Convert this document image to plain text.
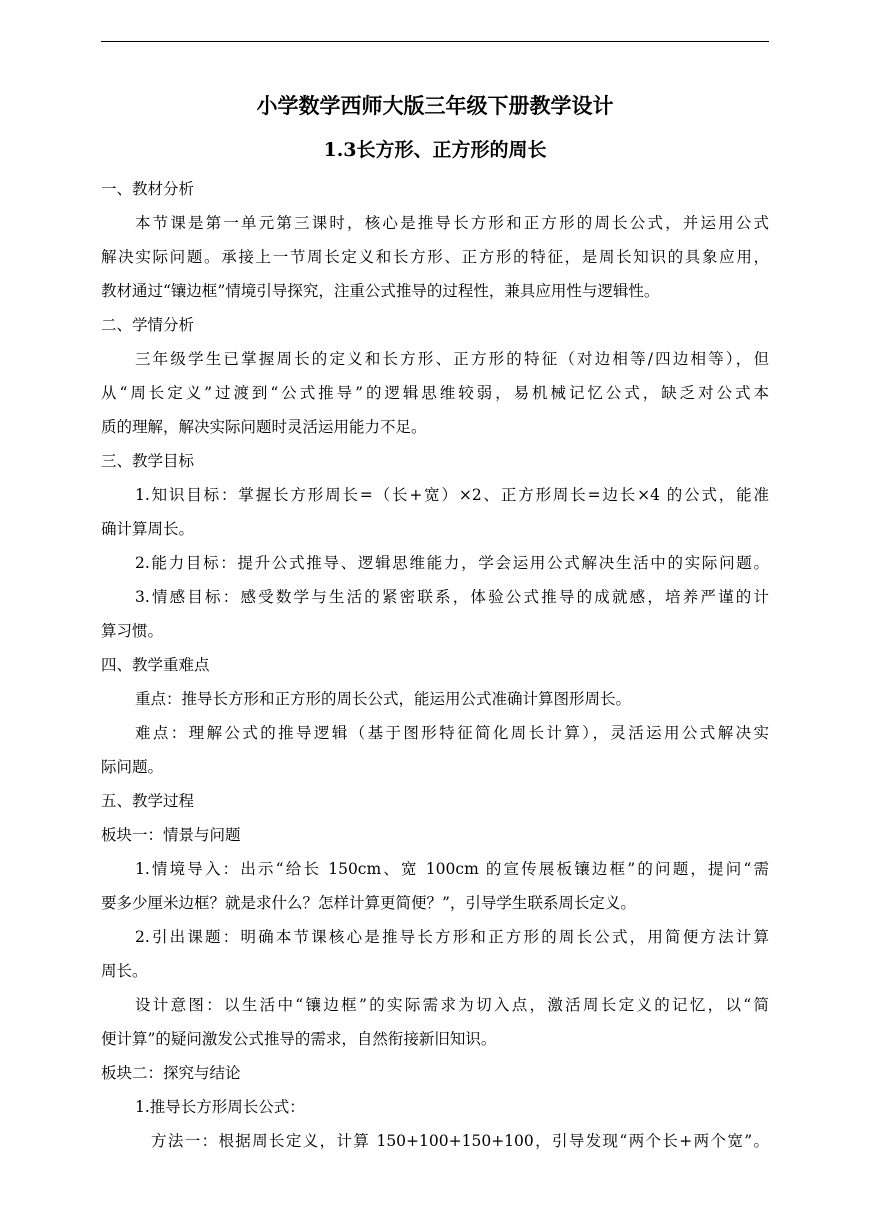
小学数学西师大版三年级下册教学设计
1.3长方形、正方形的周长
一、教材分析
本节课是第一单元第三课时，核心是推导长方形和正方形的周长公式，并运用公式
解决实际问题。承接上一节周长定义和长方形、正方形的特征，是周长知识的具象应用，
教材通过“镶边框”情境引导探究，注重公式推导的过程性，兼具应用性与逻辑性。
二、学情分析
三年级学生已掌握周长的定义和长方形、正方形的特征（对边相等/四边相等），但
从“周长定义”过渡到“公式推导”的逻辑思维较弱，易机械记忆公式，缺乏对公式本
质的理解，解决实际问题时灵活运用能力不足。
三、教学目标
1.知识目标：掌握长方形周长=（长+宽）×2、正方形周长=边长×4 的公式，能准
确计算周长。
2.能力目标：提升公式推导、逻辑思维能力，学会运用公式解决生活中的实际问题。
3.情感目标：感受数学与生活的紧密联系，体验公式推导的成就感，培养严谨的计
算习惯。
四、教学重难点
重点：推导长方形和正方形的周长公式，能运用公式准确计算图形周长。
难点：理解公式的推导逻辑（基于图形特征简化周长计算），灵活运用公式解决实
际问题。
五、教学过程
板块一：情景与问题
1.情境导入：出示“给长 150cm、宽 100cm 的宣传展板镶边框”的问题，提问“需
要多少厘米边框？就是求什么？怎样计算更简便？”，引导学生联系周长定义。
2.引出课题：明确本节课核心是推导长方形和正方形的周长公式，用简便方法计算
周长。
设计意图：以生活中“镶边框”的实际需求为切入点，激活周长定义的记忆，以“简
便计算”的疑问激发公式推导的需求，自然衔接新旧知识。
板块二：探究与结论
1.推导长方形周长公式：
方法一：根据周长定义，计算 150+100+150+100，引导发现“两个长+两个宽”。
